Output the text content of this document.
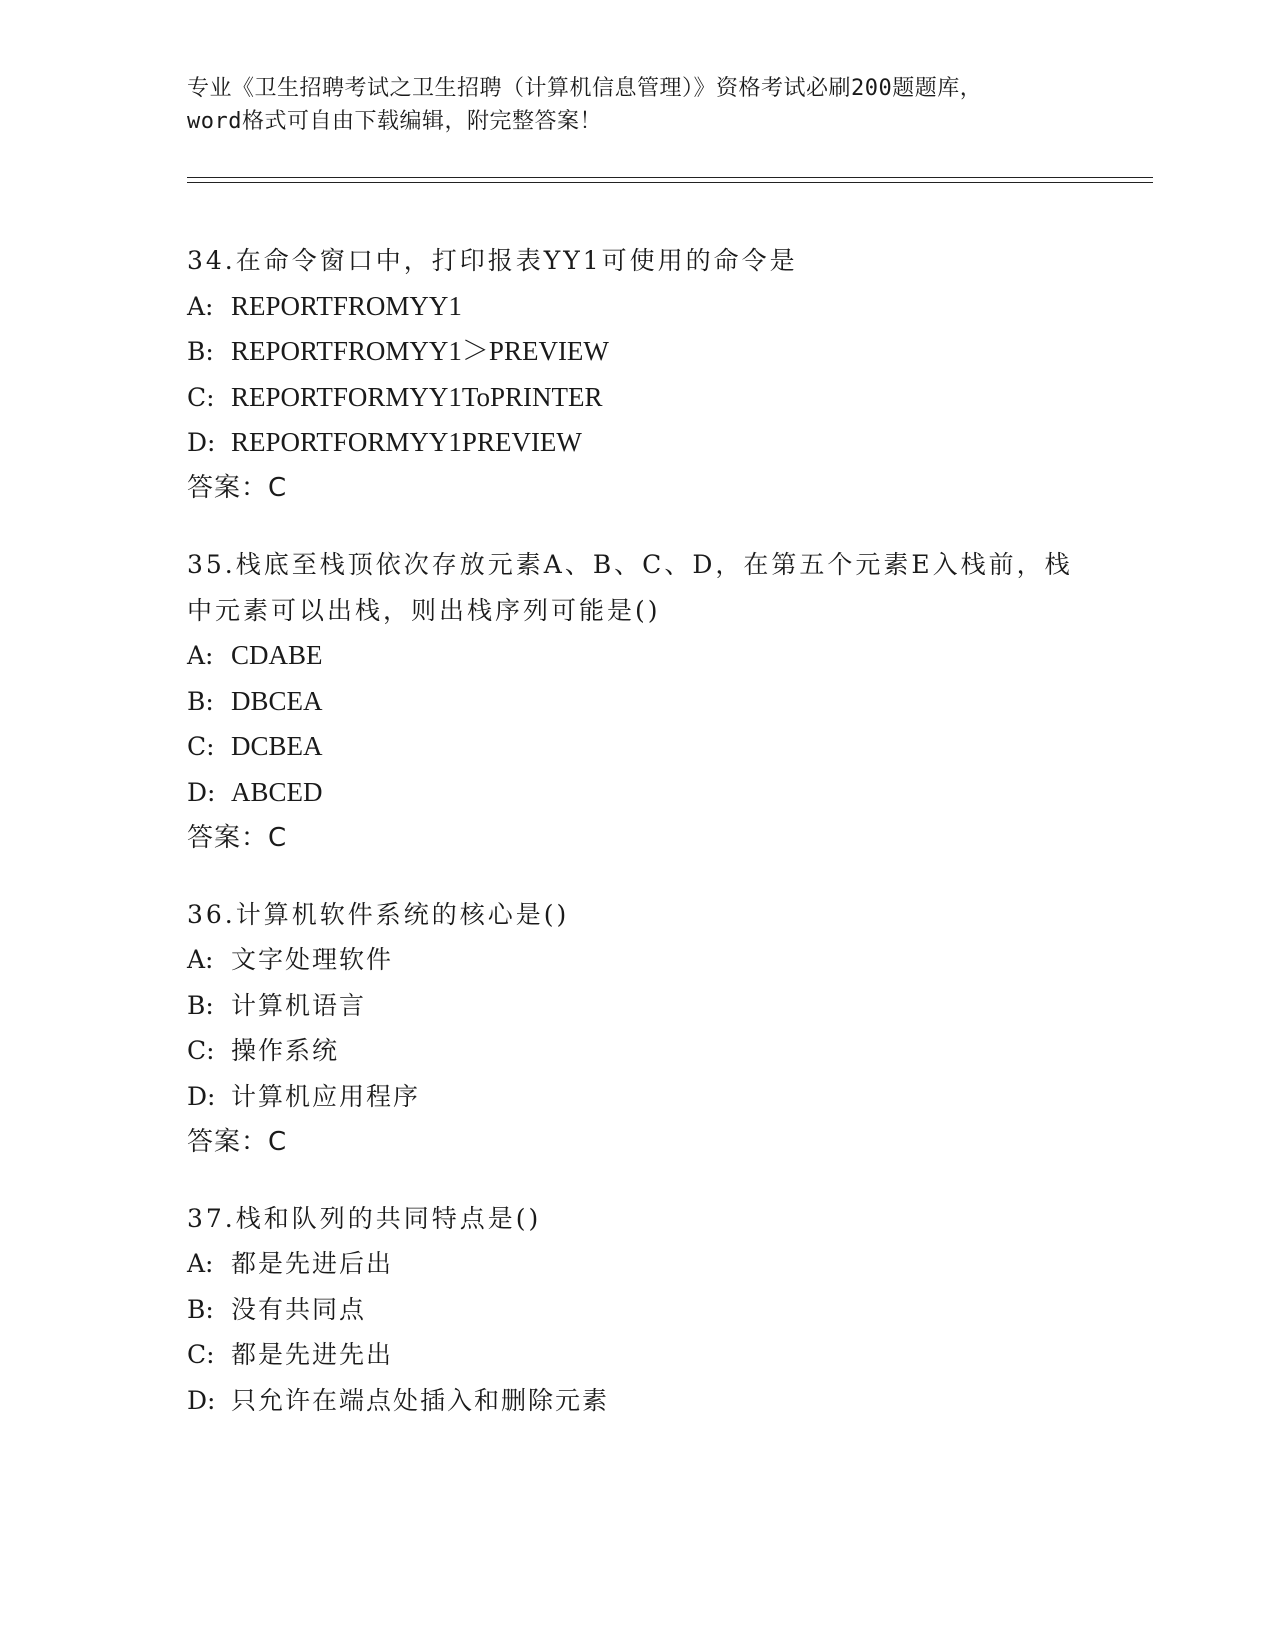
专业《卫生招聘考试之卫生招聘（计算机信息管理）》资格考试必刷200题题库，
word格式可自由下载编辑，附完整答案！
34.在命令窗口中，打印报表YY1可使用的命令是
A: REPORTFROMYY1
B: REPORTFROMYY1＞PREVIEW
C: REPORTFORMYY1ToPRINTER
D: REPORTFORMYY1PREVIEW
答案：C
35.栈底至栈顶依次存放元素A、B、C、D，在第五个元素E入栈前，栈
中元素可以出栈，则出栈序列可能是()
A: CDABE
B: DBCEA
C: DCBEA
D: ABCED
答案：C
36.计算机软件系统的核心是()
A: 文字处理软件
B: 计算机语言
C: 操作系统
D: 计算机应用程序
答案：C
37.栈和队列的共同特点是()
A: 都是先进后出
B: 没有共同点
C: 都是先进先出
D: 只允许在端点处插入和删除元素
